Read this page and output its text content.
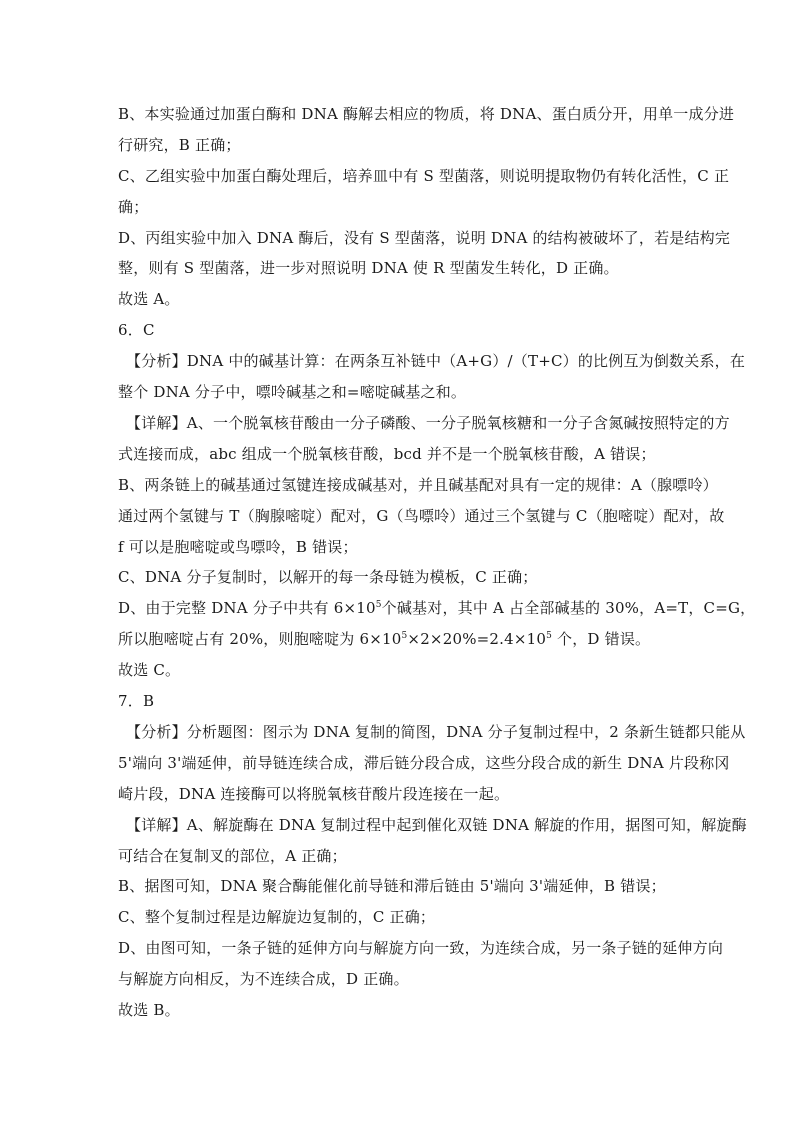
B、本实验通过加蛋白酶和 DNA 酶解去相应的物质，将 DNA、蛋白质分开，用单一成分进
行研究，B 正确；
C、乙组实验中加蛋白酶处理后，培养皿中有 S 型菌落，则说明提取物仍有转化活性，C 正
确；
D、丙组实验中加入 DNA 酶后，没有 S 型菌落，说明 DNA 的结构被破坏了，若是结构完
整，则有 S 型菌落，进一步对照说明 DNA 使 R 型菌发生转化，D 正确。
故选 A。
6．C
【分析】DNA 中的碱基计算：在两条互补链中（A+G）/（T+C）的比例互为倒数关系，在
整个 DNA 分子中，嘌呤碱基之和=嘧啶碱基之和。
【详解】A、一个脱氧核苷酸由一分子磷酸、一分子脱氧核糖和一分子含氮碱按照特定的方
式连接而成，abc 组成一个脱氧核苷酸，bcd 并不是一个脱氧核苷酸，A 错误；
B、两条链上的碱基通过氢键连接成碱基对，并且碱基配对具有一定的规律：A（腺嘌呤）
通过两个氢键与 T（胸腺嘧啶）配对，G（鸟嘌呤）通过三个氢键与 C（胞嘧啶）配对，故
f 可以是胞嘧啶或鸟嘌呤，B 错误；
C、DNA 分子复制时，以解开的每一条母链为模板，C 正确；
D、由于完整 DNA 分子中共有 $6\times 10^5$个碱基对，其中 A 占全部碱基的 30%，A=T，C=G，
所以胞嘧啶占有 20%，则胞嘧啶为 $6\times 10^5\times 2\times 20\%=2.4\times 10^5$ 个，D 错误。
故选 C。
7．B
【分析】分析题图：图示为 DNA 复制的简图，DNA 分子复制过程中，2 条新生链都只能从
5'端向 3'端延伸，前导链连续合成，滞后链分段合成，这些分段合成的新生 DNA 片段称冈
崎片段，DNA 连接酶可以将脱氧核苷酸片段连接在一起。
【详解】A、解旋酶在 DNA 复制过程中起到催化双链 DNA 解旋的作用，据图可知，解旋酶
可结合在复制叉的部位，A 正确；
B、据图可知，DNA 聚合酶能催化前导链和滞后链由 5'端向 3'端延伸，B 错误；
C、整个复制过程是边解旋边复制的，C 正确；
D、由图可知，一条子链的延伸方向与解旋方向一致，为连续合成，另一条子链的延伸方向
与解旋方向相反，为不连续合成，D 正确。
故选 B。
